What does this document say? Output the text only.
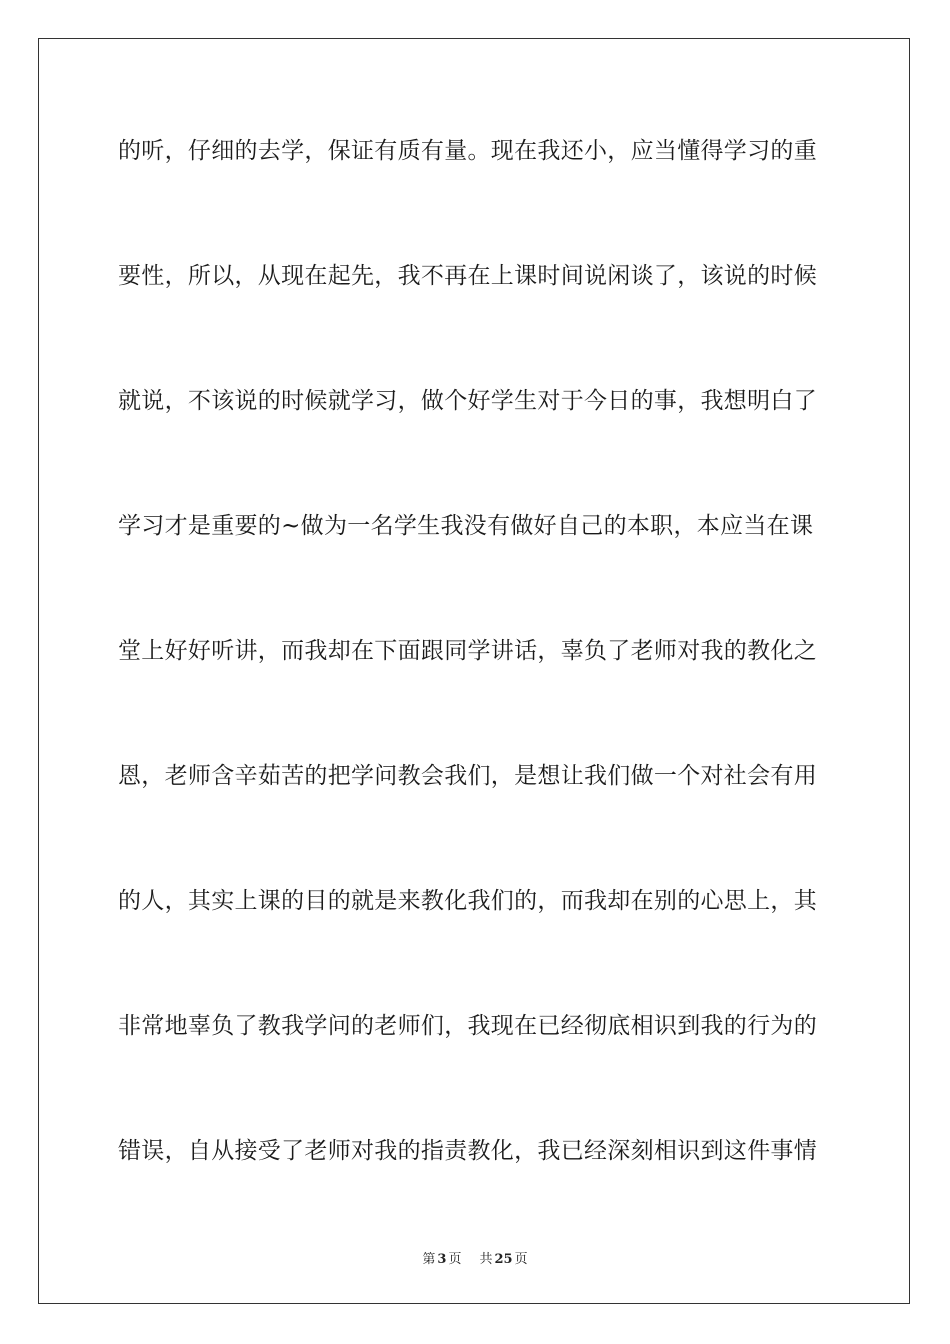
的听，仔细的去学，保证有质有量。现在我还小，应当懂得学习的重
要性，所以，从现在起先，我不再在上课时间说闲谈了，该说的时候
就说，不该说的时候就学习，做个好学生对于今日的事，我想明白了
学习才是重要的~做为一名学生我没有做好自己的本职，本应当在课
堂上好好听讲，而我却在下面跟同学讲话，辜负了老师对我的教化之
恩，老师含辛茹苦的把学问教会我们，是想让我们做一个对社会有用
的人，其实上课的目的就是来教化我们的，而我却在别的心思上，其
非常地辜负了教我学问的老师们，我现在已经彻底相识到我的行为的
错误，自从接受了老师对我的指责教化，我已经深刻相识到这件事情
第 3 页 共 25 页
